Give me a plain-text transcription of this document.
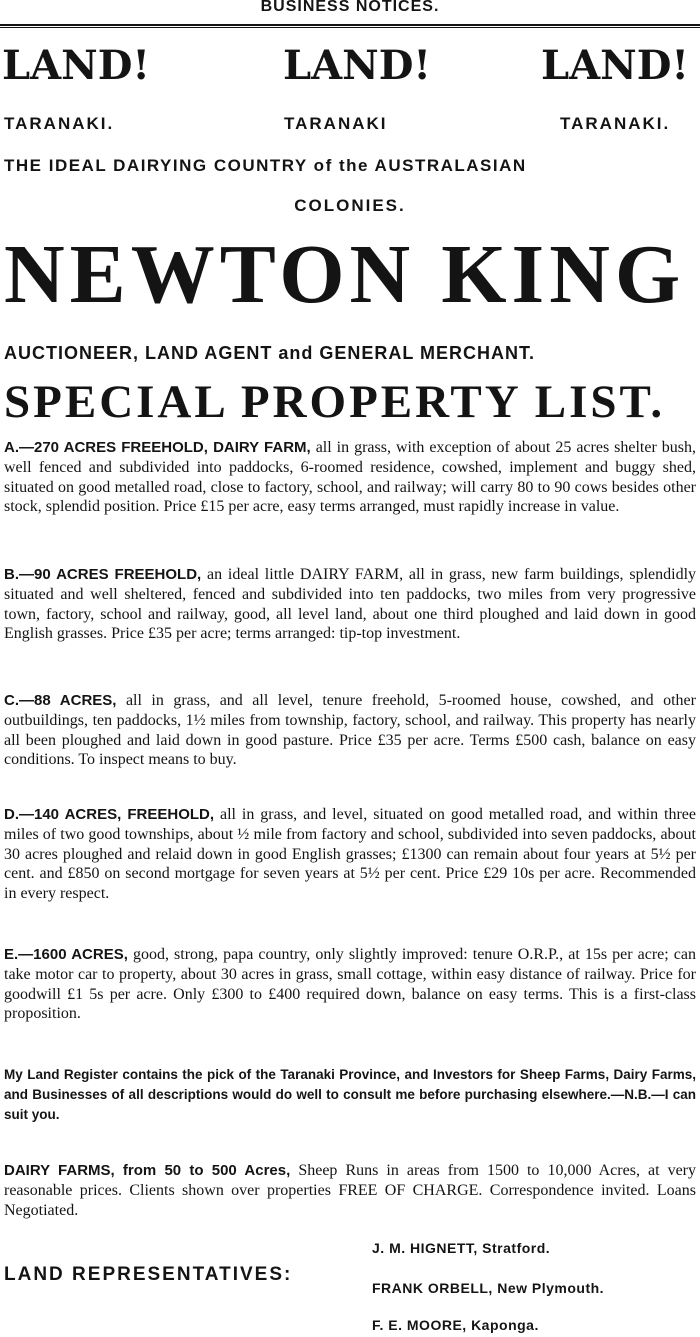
BUSINESS NOTICES.
LAND!	LAND!	LAND!
TARANAKI.	TARANAKI	TARANAKI.
THE IDEAL DAIRYING COUNTRY of the AUSTRALASIAN
COLONIES.
NEWTON KING
AUCTIONEER, LAND AGENT and GENERAL MERCHANT.
SPECIAL PROPERTY LIST.
A.—270 ACRES FREEHOLD, DAIRY FARM, all in grass, with exception of about 25 acres shelter bush, well fenced and subdivided into paddocks, 6-roomed residence, cowshed, implement and buggy shed, situated on good metalled road, close to factory, school, and railway; will carry 80 to 90 cows besides other stock, splendid position. Price £15 per acre, easy terms arranged, must rapidly increase in value.
B.—90 ACRES FREEHOLD, an ideal little DAIRY FARM, all in grass, new farm buildings, splendidly situated and well sheltered, fenced and subdivided into ten paddocks, two miles from very progressive town, factory, school and railway, good, all level land, about one third ploughed and laid down in good English grasses. Price £35 per acre; terms arranged: tip-top investment.
C.—88 ACRES, all in grass, and all level, tenure freehold, 5-roomed house, cowshed, and other outbuildings, ten paddocks, 1½ miles from township, factory, school, and railway. This property has nearly all been ploughed and laid down in good pasture. Price £35 per acre. Terms £500 cash, balance on easy conditions. To inspect means to buy.
D.—140 ACRES, FREEHOLD, all in grass, and level, situated on good metalled road, and within three miles of two good townships, about ½ mile from factory and school, subdivided into seven paddocks, about 30 acres ploughed and relaid down in good English grasses; £1300 can remain about four years at 5½ per cent. and £850 on second mortgage for seven years at 5½ per cent. Price £29 10s per acre. Recommended in every respect.
E.—1600 ACRES, good, strong, papa country, only slightly improved: tenure O.R.P., at 15s per acre; can take motor car to property, about 30 acres in grass, small cottage, within easy distance of railway. Price for goodwill £1 5s per acre. Only £300 to £400 required down, balance on easy terms. This is a first-class proposition.
My Land Register contains the pick of the Taranaki Province, and Investors for Sheep Farms, Dairy Farms, and Businesses of all descriptions would do well to consult me before purchasing elsewhere.—N.B.—I can suit you.
DAIRY FARMS, from 50 to 500 Acres, Sheep Runs in areas from 1500 to 10,000 Acres, at very reasonable prices. Clients shown over properties FREE OF CHARGE. Correspondence invited. Loans Negotiated.
LAND REPRESENTATIVES:
J. M. HIGNETT, Stratford.
FRANK ORBELL, New Plymouth.
F. E. MOORE, Kaponga.
